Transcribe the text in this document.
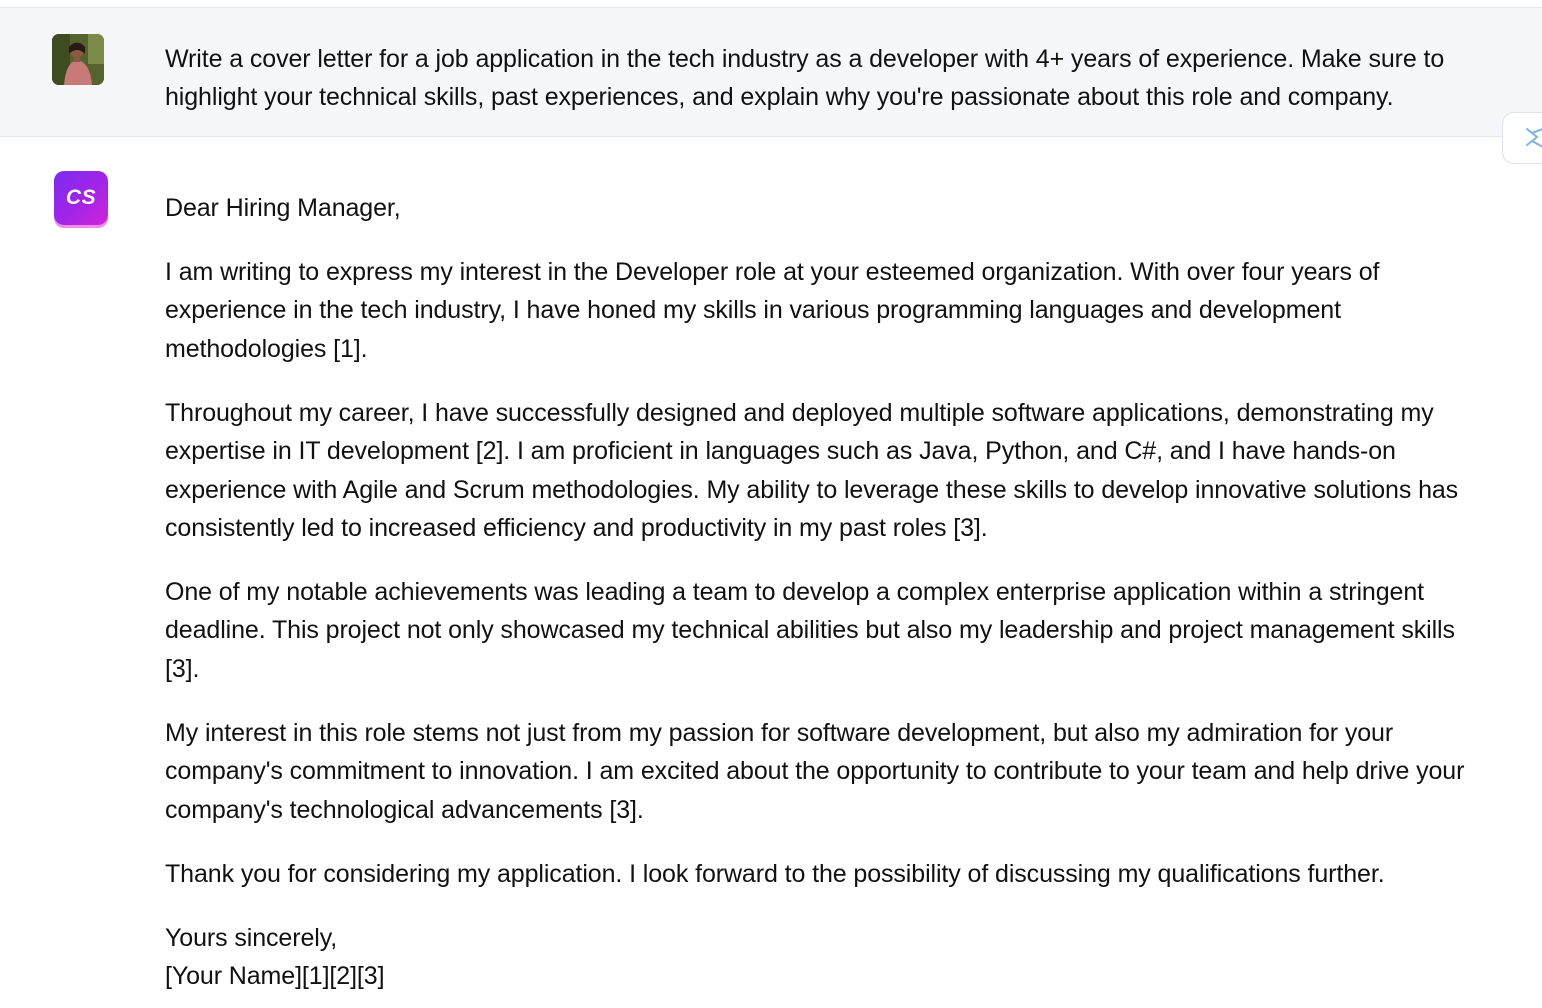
Write a cover letter for a job application in the tech industry as a developer with 4+ years of experience. Make sure to highlight your technical skills, past experiences, and explain why you're passionate about this role and company.
CS	Dear Hiring Manager,

I am writing to express my interest in the Developer role at your esteemed organization. With over four years of experience in the tech industry, I have honed my skills in various programming languages and development methodologies [1].

Throughout my career, I have successfully designed and deployed multiple software applications, demonstrating my expertise in IT development [2]. I am proficient in languages such as Java, Python, and C#, and I have hands-on experience with Agile and Scrum methodologies. My ability to leverage these skills to develop innovative solutions has consistently led to increased efficiency and productivity in my past roles [3].

One of my notable achievements was leading a team to develop a complex enterprise application within a stringent deadline. This project not only showcased my technical abilities but also my leadership and project management skills [3].

My interest in this role stems not just from my passion for software development, but also my admiration for your company's commitment to innovation. I am excited about the opportunity to contribute to your team and help drive your company's technological advancements [3].

Thank you for considering my application. I look forward to the possibility of discussing my qualifications further.

Yours sincerely,

[Your Name][1][2][3]
